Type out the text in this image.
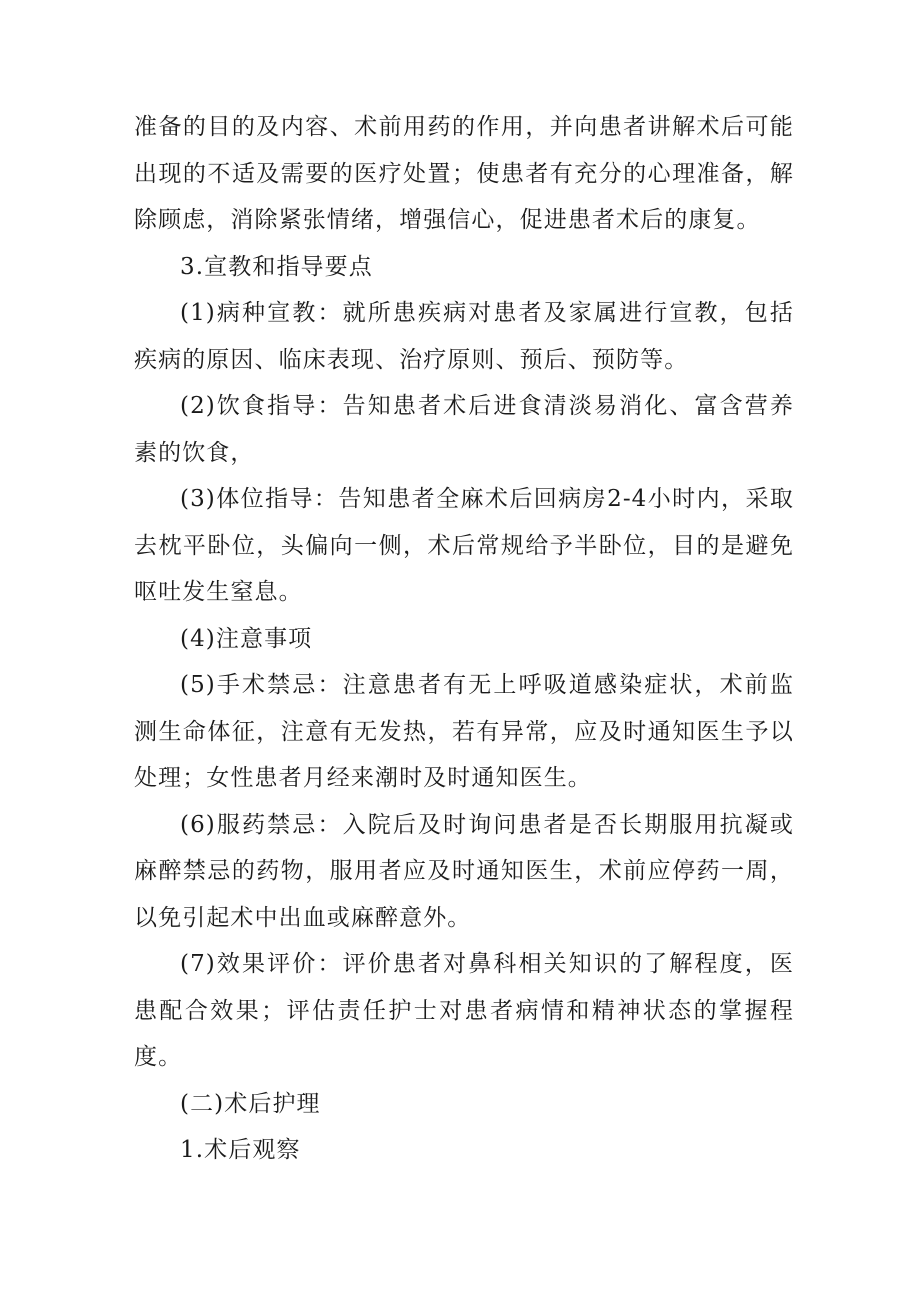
准备的目的及内容、术前用药的作用，并向患者讲解术后可能出现的不适及需要的医疗处置；使患者有充分的心理准备，解除顾虑，消除紧张情绪，增强信心，促进患者术后的康复。

3.宣教和指导要点

(1)病种宣教：就所患疾病对患者及家属进行宣教，包括疾病的原因、临床表现、治疗原则、预后、预防等。

(2)饮食指导：告知患者术后进食清淡易消化、富含营养素的饮食，

(3)体位指导：告知患者全麻术后回病房2-4小时内，采取去枕平卧位，头偏向一侧，术后常规给予半卧位，目的是避免呕吐发生窒息。

(4)注意事项

(5)手术禁忌：注意患者有无上呼吸道感染症状，术前监测生命体征，注意有无发热，若有异常，应及时通知医生予以处理；女性患者月经来潮时及时通知医生。

(6)服药禁忌：入院后及时询问患者是否长期服用抗凝或麻醉禁忌的药物，服用者应及时通知医生，术前应停药一周，以免引起术中出血或麻醉意外。

(7)效果评价：评价患者对鼻科相关知识的了解程度，医患配合效果；评估责任护士对患者病情和精神状态的掌握程度。

(二)术后护理

1.术后观察
